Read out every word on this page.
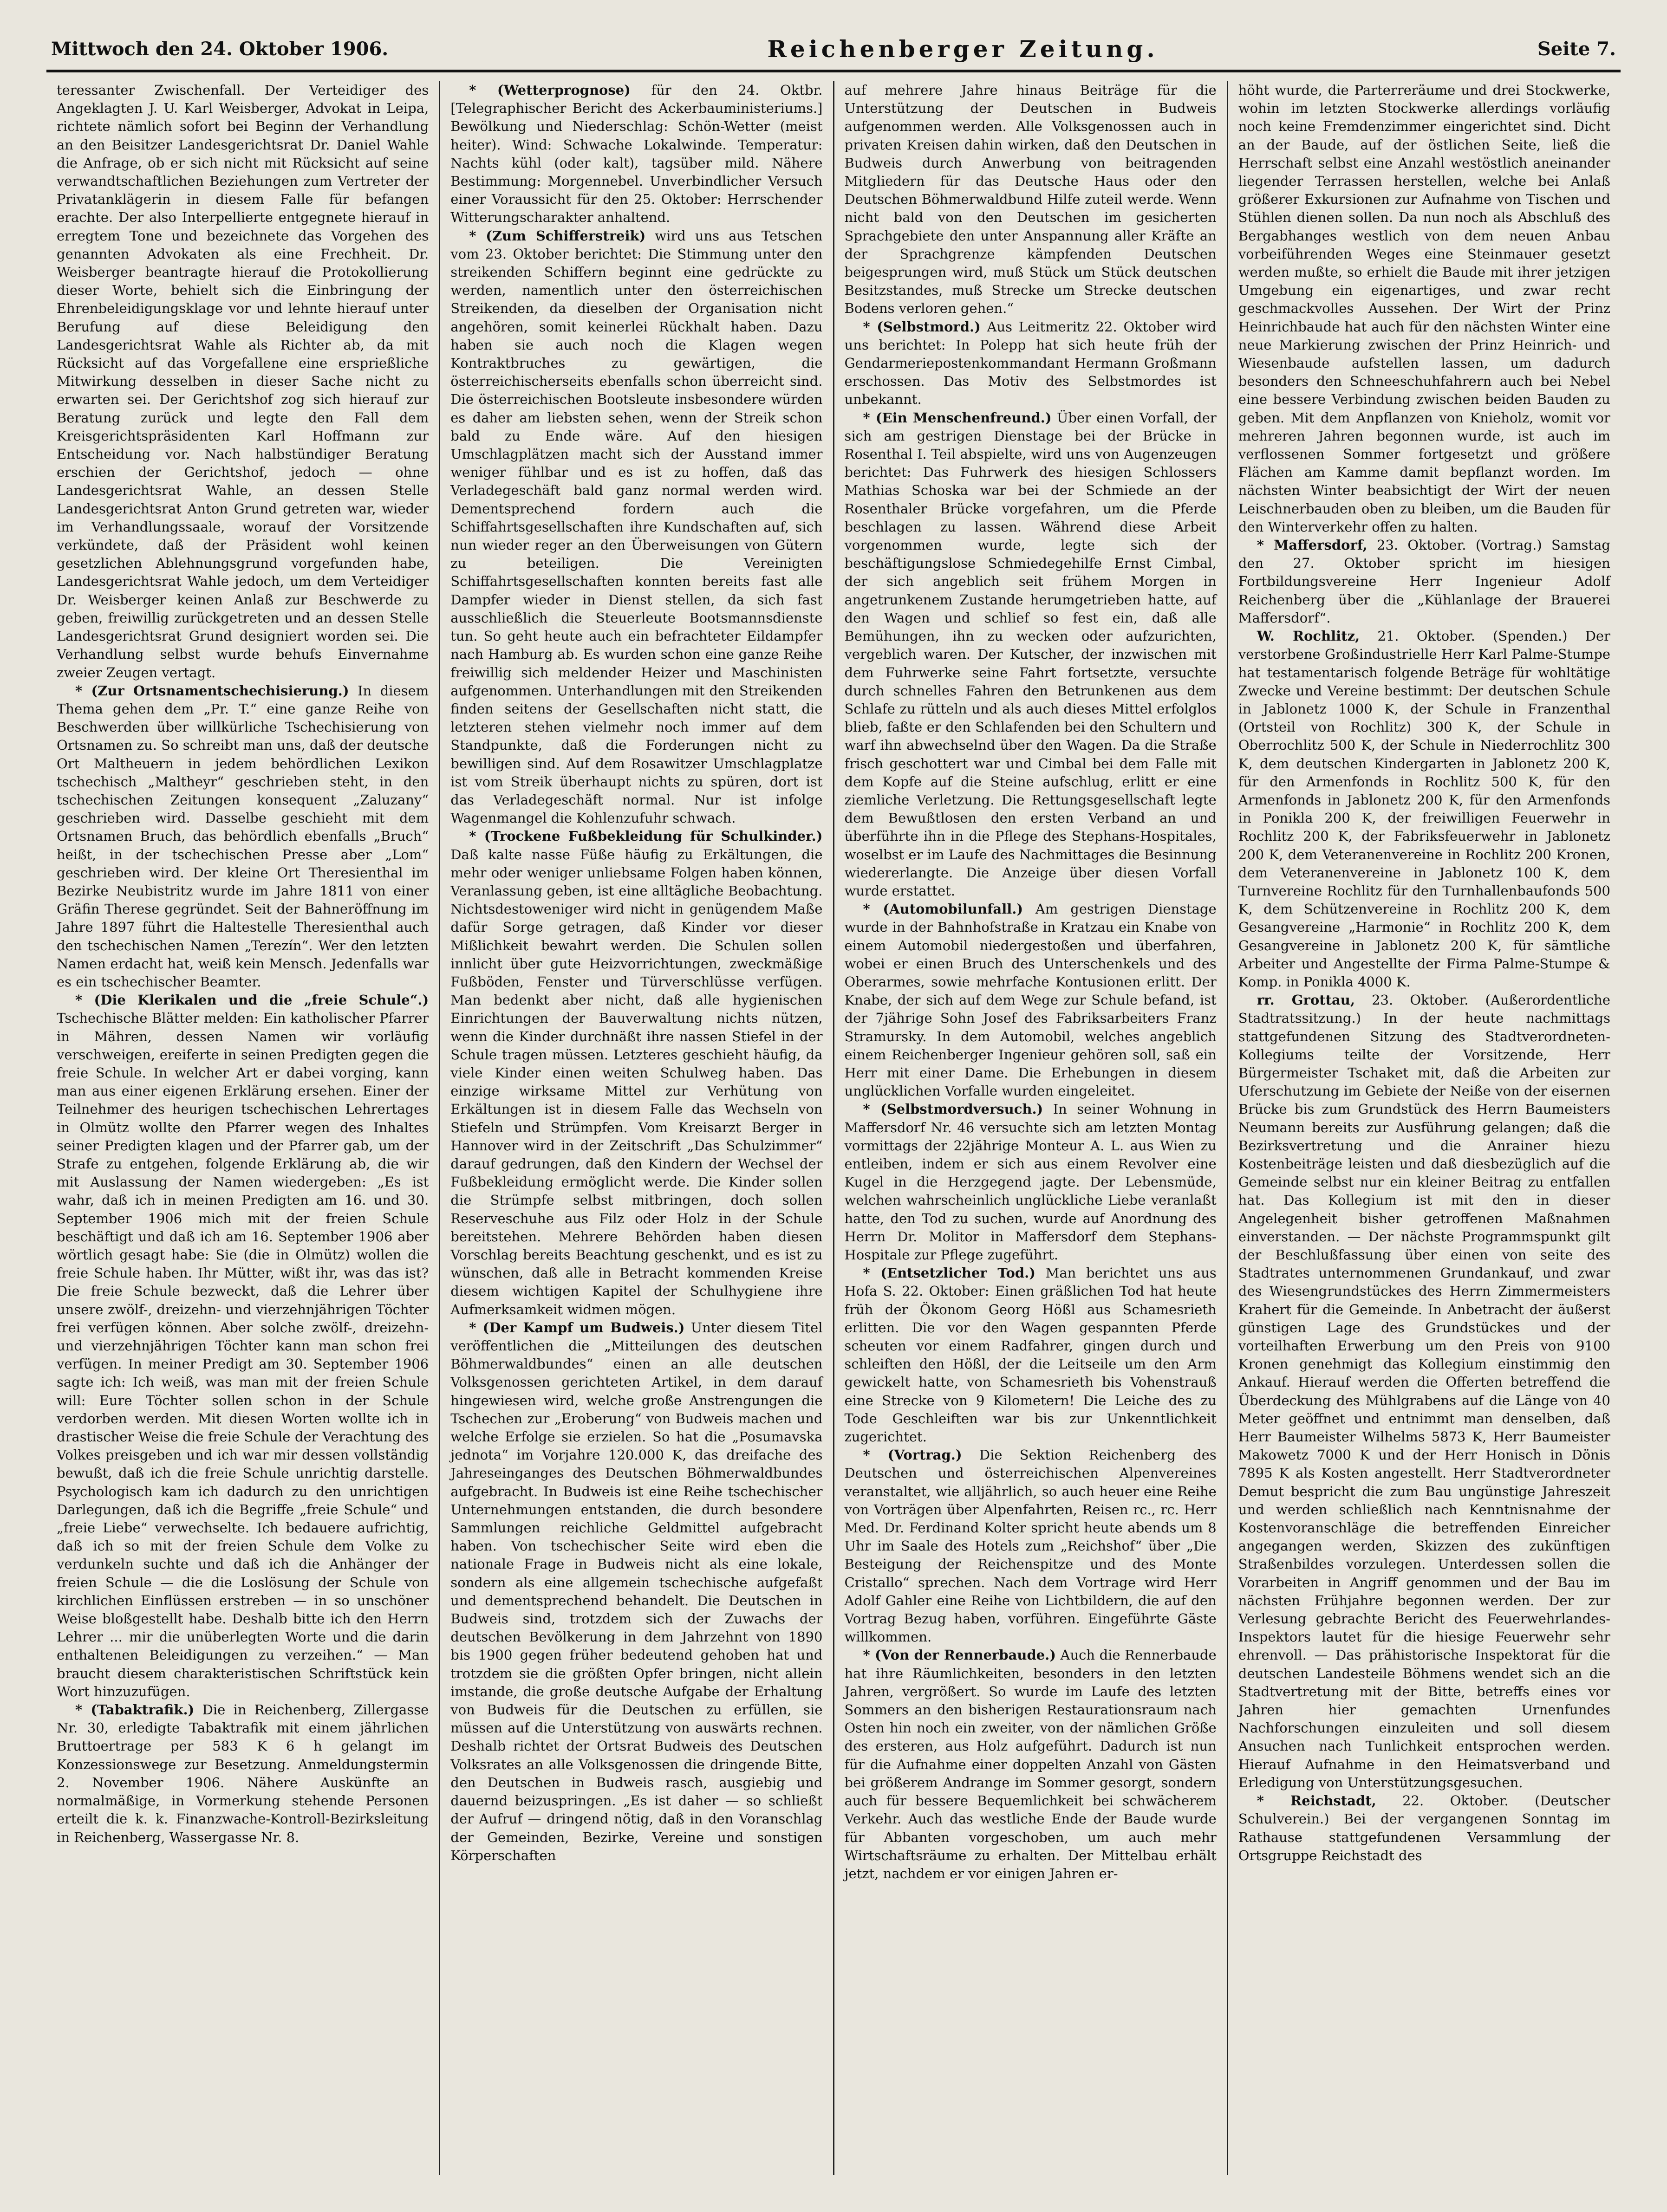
Mittwoch den 24. Oktober 1906.	Reichenberger Zeitung.	Seite 7.

teressanter Zwischenfall. Der Verteidiger des Angeklagten J. U. Karl Weisberger, Advokat in Leipa, richtete nämlich sofort bei Beginn der Verhandlung an den Beisitzer Landesgerichtsrat Dr. Daniel Wahle die Anfrage, ob er sich nicht mit Rücksicht auf seine verwandtschaftlichen Beziehungen zum Vertreter der Privatanklägerin in diesem Falle für befangen erachte. Der also Interpellierte entgegnete hierauf in erregtem Tone und bezeichnete das Vorgehen des genannten Advokaten als eine Frechheit. Dr. Weisberger beantragte hierauf die Protokollierung dieser Worte, behielt sich die Einbringung der Ehrenbeleidigungsklage vor und lehnte hierauf unter Berufung auf diese Beleidigung den Landesgerichtsrat Wahle als Richter ab, da mit Rücksicht auf das Vorgefallene eine ersprießliche Mitwirkung desselben in dieser Sache nicht zu erwarten sei. Der Gerichtshof zog sich hierauf zur Beratung zurück und legte den Fall dem Kreisgerichtspräsidenten Karl Hoffmann zur Entscheidung vor. Nach halbstündiger Beratung erschien der Gerichtshof, jedoch — ohne Landesgerichtsrat Wahle, an dessen Stelle Landesgerichtsrat Anton Grund getreten war, wieder im Verhandlungssaale, worauf der Vorsitzende verkündete, daß der Präsident wohl keinen gesetzlichen Ablehnungsgrund vorgefunden habe, Landesgerichtsrat Wahle jedoch, um dem Verteidiger Dr. Weisberger keinen Anlaß zur Beschwerde zu geben, freiwillig zurückgetreten und an dessen Stelle Landesgerichtsrat Grund designiert worden sei. Die Verhandlung selbst wurde behufs Einvernahme zweier Zeugen vertagt.

* (Zur Ortsnamentschechisierung.) In diesem Thema gehen dem „Pr. T.“ eine ganze Reihe von Beschwerden über willkürliche Tschechisierung von Ortsnamen zu. So schreibt man uns, daß der deutsche Ort Maltheuern in jedem behördlichen Lexikon tschechisch „Maltheyr“ geschrieben steht, in den tschechischen Zeitungen konsequent „Zaluzany“ geschrieben wird. Dasselbe geschieht mit dem Ortsnamen Bruch, das behördlich ebenfalls „Bruch“ heißt, in der tschechischen Presse aber „Lom“ geschrieben wird. Der kleine Ort Theresienthal im Bezirke Neubistritz wurde im Jahre 1811 von einer Gräfin Therese gegründet. Seit der Bahneröffnung im Jahre 1897 führt die Haltestelle Theresienthal auch den tschechischen Namen „Terezín“. Wer den letzten Namen erdacht hat, weiß kein Mensch. Jedenfalls war es ein tschechischer Beamter.

* (Die Klerikalen und die „freie Schule“.) Tschechische Blätter melden: Ein katholischer Pfarrer in Mähren, dessen Namen wir vorläufig verschweigen, ereiferte in seinen Predigten gegen die freie Schule. In welcher Art er dabei vorging, kann man aus einer eigenen Erklärung ersehen. Einer der Teilnehmer des heurigen tschechischen Lehrertages in Olmütz wollte den Pfarrer wegen des Inhaltes seiner Predigten klagen und der Pfarrer gab, um der Strafe zu entgehen, folgende Erklärung ab, die wir mit Auslassung der Namen wiedergeben: „Es ist wahr, daß ich in meinen Predigten am 16. und 30. September 1906 mich mit der freien Schule beschäftigt und daß ich am 16. September 1906 aber wörtlich gesagt habe: Sie (die in Olmütz) wollen die freie Schule haben. Ihr Mütter, wißt ihr, was das ist? Die freie Schule bezweckt, daß die Lehrer über unsere zwölf-, dreizehn- und vierzehnjährigen Töchter frei verfügen können. Aber solche zwölf-, dreizehn- und vierzehnjährigen Töchter kann man schon frei verfügen. In meiner Predigt am 30. September 1906 sagte ich: Ich weiß, was man mit der freien Schule will: Eure Töchter sollen schon in der Schule verdorben werden. Mit diesen Worten wollte ich in drastischer Weise die freie Schule der Verachtung des Volkes preisgeben und ich war mir dessen vollständig bewußt, daß ich die freie Schule unrichtig darstelle. Psychologisch kam ich dadurch zu den unrichtigen Darlegungen, daß ich die Begriffe „freie Schule“ und „freie Liebe“ verwechselte. Ich bedauere aufrichtig, daß ich so mit der freien Schule dem Volke zu verdunkeln suchte und daß ich die Anhänger der freien Schule — die die Loslösung der Schule von kirchlichen Einflüssen erstreben — in so unschöner Weise bloßgestellt habe. Deshalb bitte ich den Herrn Lehrer ... mir die unüberlegten Worte und die darin enthaltenen Beleidigungen zu verzeihen.“ — Man braucht diesem charakteristischen Schriftstück kein Wort hinzuzufügen.

* (Tabaktrafik.) Die in Reichenberg, Zillergasse Nr. 30, erledigte Tabaktrafik mit einem jährlichen Bruttoertrage per 583 K 6 h gelangt im Konzessionswege zur Besetzung. Anmeldungstermin 2. November 1906. Nähere Auskünfte an normalmäßige, in Vormerkung stehende Personen erteilt die k. k. Finanzwache-Kontroll-Bezirksleitung in Reichenberg, Wassergasse Nr. 8.

* (Wetterprognose) für den 24. Oktbr. [Telegraphischer Bericht des Ackerbauministeriums.] Bewölkung und Niederschlag: Schön-Wetter (meist heiter). Wind: Schwache Lokalwinde. Temperatur: Nachts kühl (oder kalt), tagsüber mild. Nähere Bestimmung: Morgennebel. Unverbindlicher Versuch einer Voraussicht für den 25. Oktober: Herrschender Witterungscharakter anhaltend.

* (Zum Schifferstreik) wird uns aus Tetschen vom 23. Oktober berichtet: Die Stimmung unter den streikenden Schiffern beginnt eine gedrückte zu werden, namentlich unter den österreichischen Streikenden, da dieselben der Organisation nicht angehören, somit keinerlei Rückhalt haben. Dazu haben sie auch noch die Klagen wegen Kontraktbruches zu gewärtigen, die österreichischerseits ebenfalls schon überreicht sind. Die österreichischen Bootsleute insbesondere würden es daher am liebsten sehen, wenn der Streik schon bald zu Ende wäre. Auf den hiesigen Umschlagplätzen macht sich der Ausstand immer weniger fühlbar und es ist zu hoffen, daß das Verladegeschäft bald ganz normal werden wird. Dementsprechend fordern auch die Schiffahrtsgesellschaften ihre Kundschaften auf, sich nun wieder reger an den Überweisungen von Gütern zu beteiligen. Die Vereinigten Schiffahrtsgesellschaften konnten bereits fast alle Dampfer wieder in Dienst stellen, da sich fast ausschließlich die Steuerleute Bootsmannsdienste tun. So geht heute auch ein befrachteter Eildampfer nach Hamburg ab. Es wurden schon eine ganze Reihe freiwillig sich meldender Heizer und Maschinisten aufgenommen. Unterhandlungen mit den Streikenden finden seitens der Gesellschaften nicht statt, die letzteren stehen vielmehr noch immer auf dem Standpunkte, daß die Forderungen nicht zu bewilligen sind. Auf dem Rosawitzer Umschlagplatze ist vom Streik überhaupt nichts zu spüren, dort ist das Verladegeschäft normal. Nur ist infolge Wagenmangel die Kohlenzufuhr schwach.

* (Trockene Fußbekleidung für Schulkinder.) Daß kalte nasse Füße häufig zu Erkältungen, die mehr oder weniger unliebsame Folgen haben können, Veranlassung geben, ist eine alltägliche Beobachtung. Nichtsdestoweniger wird nicht in genügendem Maße dafür Sorge getragen, daß Kinder vor dieser Mißlichkeit bewahrt werden. Die Schulen sollen innlicht über gute Heizvorrichtungen, zweckmäßige Fußböden, Fenster und Türverschlüsse verfügen. Man bedenkt aber nicht, daß alle hygienischen Einrichtungen der Bauverwaltung nichts nützen, wenn die Kinder durchnäßt ihre nassen Stiefel in der Schule tragen müssen. Letzteres geschieht häufig, da viele Kinder einen weiten Schulweg haben. Das einzige wirksame Mittel zur Verhütung von Erkältungen ist in diesem Falle das Wechseln von Stiefeln und Strümpfen. Vom Kreisarzt Berger in Hannover wird in der Zeitschrift „Das Schulzimmer“ darauf gedrungen, daß den Kindern der Wechsel der Fußbekleidung ermöglicht werde. Die Kinder sollen die Strümpfe selbst mitbringen, doch sollen Reserveschuhe aus Filz oder Holz in der Schule bereitstehen. Mehrere Behörden haben diesen Vorschlag bereits Beachtung geschenkt, und es ist zu wünschen, daß alle in Betracht kommenden Kreise diesem wichtigen Kapitel der Schulhygiene ihre Aufmerksamkeit widmen mögen.

* (Der Kampf um Budweis.) Unter diesem Titel veröffentlichen die „Mitteilungen des deutschen Böhmerwaldbundes“ einen an alle deutschen Volksgenossen gerichteten Artikel, in dem darauf hingewiesen wird, welche große Anstrengungen die Tschechen zur „Eroberung“ von Budweis machen und welche Erfolge sie erzielen. So hat die „Posumavska jednota“ im Vorjahre 120.000 K, das dreifache des Jahreseinganges des Deutschen Böhmerwaldbundes aufgebracht. In Budweis ist eine Reihe tschechischer Unternehmungen entstanden, die durch besondere Sammlungen reichliche Geldmittel aufgebracht haben. Von tschechischer Seite wird eben die nationale Frage in Budweis nicht als eine lokale, sondern als eine allgemein tschechische aufgefaßt und dementsprechend behandelt. Die Deutschen in Budweis sind, trotzdem sich der Zuwachs der deutschen Bevölkerung in dem Jahrzehnt von 1890 bis 1900 gegen früher bedeutend gehoben hat und trotzdem sie die größten Opfer bringen, nicht allein imstande, die große deutsche Aufgabe der Erhaltung von Budweis für die Deutschen zu erfüllen, sie müssen auf die Unterstützung von auswärts rechnen. Deshalb richtet der Ortsrat Budweis des Deutschen Volksrates an alle Volksgenossen die dringende Bitte, den Deutschen in Budweis rasch, ausgiebig und dauernd beizuspringen. „Es ist daher — so schließt der Aufruf — dringend nötig, daß in den Voranschlag der Gemeinden, Bezirke, Vereine und sonstigen Körperschaften

auf mehrere Jahre hinaus Beiträge für die Unterstützung der Deutschen in Budweis aufgenommen werden. Alle Volksgenossen auch in privaten Kreisen dahin wirken, daß den Deutschen in Budweis durch Anwerbung von beitragenden Mitgliedern für das Deutsche Haus oder den Deutschen Böhmerwaldbund Hilfe zuteil werde. Wenn nicht bald von den Deutschen im gesicherten Sprachgebiete den unter Anspannung aller Kräfte an der Sprachgrenze kämpfenden Deutschen beigesprungen wird, muß Stück um Stück deutschen Besitzstandes, muß Strecke um Strecke deutschen Bodens verloren gehen.“

* (Selbstmord.) Aus Leitmeritz 22. Oktober wird uns berichtet: In Polepp hat sich heute früh der Gendarmeriepostenkommandant Hermann Großmann erschossen. Das Motiv des Selbstmordes ist unbekannt.

* (Ein Menschenfreund.) Über einen Vorfall, der sich am gestrigen Dienstage bei der Brücke in Rosenthal I. Teil abspielte, wird uns von Augenzeugen berichtet: Das Fuhrwerk des hiesigen Schlossers Mathias Schoska war bei der Schmiede an der Rosenthaler Brücke vorgefahren, um die Pferde beschlagen zu lassen. Während diese Arbeit vorgenommen wurde, legte sich der beschäftigungslose Schmiedegehilfe Ernst Cimbal, der sich angeblich seit frühem Morgen in angetrunkenem Zustande herumgetrieben hatte, auf den Wagen und schlief so fest ein, daß alle Bemühungen, ihn zu wecken oder aufzurichten, vergeblich waren. Der Kutscher, der inzwischen mit dem Fuhrwerke seine Fahrt fortsetzte, versuchte durch schnelles Fahren den Betrunkenen aus dem Schlafe zu rütteln und als auch dieses Mittel erfolglos blieb, faßte er den Schlafenden bei den Schultern und warf ihn abwechselnd über den Wagen. Da die Straße frisch geschottert war und Cimbal bei dem Falle mit dem Kopfe auf die Steine aufschlug, erlitt er eine ziemliche Verletzung. Die Rettungsgesellschaft legte dem Bewußtlosen den ersten Verband an und überführte ihn in die Pflege des Stephans-Hospitales, woselbst er im Laufe des Nachmittages die Besinnung wiedererlangte. Die Anzeige über diesen Vorfall wurde erstattet.

* (Automobilunfall.) Am gestrigen Dienstage wurde in der Bahnhofstraße in Kratzau ein Knabe von einem Automobil niedergestoßen und überfahren, wobei er einen Bruch des Unterschenkels und des Oberarmes, sowie mehrfache Kontusionen erlitt. Der Knabe, der sich auf dem Wege zur Schule befand, ist der 7jährige Sohn Josef des Fabriksarbeiters Franz Stramursky. In dem Automobil, welches angeblich einem Reichenberger Ingenieur gehören soll, saß ein Herr mit einer Dame. Die Erhebungen in diesem unglücklichen Vorfalle wurden eingeleitet.

* (Selbstmordversuch.) In seiner Wohnung in Maffersdorf Nr. 46 versuchte sich am letzten Montag vormittags der 22jährige Monteur A. L. aus Wien zu entleiben, indem er sich aus einem Revolver eine Kugel in die Herzgegend jagte. Der Lebensmüde, welchen wahrscheinlich unglückliche Liebe veranlaßt hatte, den Tod zu suchen, wurde auf Anordnung des Herrn Dr. Molitor in Maffersdorf dem Stephans-Hospitale zur Pflege zugeführt.

* (Entsetzlicher Tod.) Man berichtet uns aus Hofa S. 22. Oktober: Einen gräßlichen Tod hat heute früh der Ökonom Georg Hößl aus Schamesrieth erlitten. Die vor den Wagen gespannten Pferde scheuten vor einem Radfahrer, gingen durch und schleiften den Hößl, der die Leitseile um den Arm gewickelt hatte, von Schamesrieth bis Vohenstrauß eine Strecke von 9 Kilometern! Die Leiche des zu Tode Geschleiften war bis zur Unkenntlichkeit zugerichtet.

* (Vortrag.) Die Sektion Reichenberg des Deutschen und österreichischen Alpenvereines veranstaltet, wie alljährlich, so auch heuer eine Reihe von Vorträgen über Alpenfahrten, Reisen rc., rc. Herr Med. Dr. Ferdinand Kolter spricht heute abends um 8 Uhr im Saale des Hotels zum „Reichshof“ über „Die Besteigung der Reichenspitze und des Monte Cristallo“ sprechen. Nach dem Vortrage wird Herr Adolf Gahler eine Reihe von Lichtbildern, die auf den Vortrag Bezug haben, vorführen. Eingeführte Gäste willkommen.

* (Von der Rennerbaude.) Auch die Rennerbaude hat ihre Räumlichkeiten, besonders in den letzten Jahren, vergrößert. So wurde im Laufe des letzten Sommers an den bisherigen Restaurationsraum nach Osten hin noch ein zweiter, von der nämlichen Größe des ersteren, aus Holz aufgeführt. Dadurch ist nun für die Aufnahme einer doppelten Anzahl von Gästen bei größerem Andrange im Sommer gesorgt, sondern auch für bessere Bequemlichkeit bei schwächerem Verkehr. Auch das westliche Ende der Baude wurde für Abbanten vorgeschoben, um auch mehr Wirtschaftsräume zu erhalten. Der Mittelbau erhält jetzt, nachdem er vor einigen Jahren er-

höht wurde, die Parterreräume und drei Stockwerke, wohin im letzten Stockwerke allerdings vorläufig noch keine Fremdenzimmer eingerichtet sind. Dicht an der Baude, auf der östlichen Seite, ließ die Herrschaft selbst eine Anzahl westöstlich aneinander liegender Terrassen herstellen, welche bei Anlaß größerer Exkursionen zur Aufnahme von Tischen und Stühlen dienen sollen. Da nun noch als Abschluß des Bergabhanges westlich von dem neuen Anbau vorbeiführenden Weges eine Steinmauer gesetzt werden mußte, so erhielt die Baude mit ihrer jetzigen Umgebung ein eigenartiges, und zwar recht geschmackvolles Aussehen. Der Wirt der Prinz Heinrichbaude hat auch für den nächsten Winter eine neue Markierung zwischen der Prinz Heinrich- und Wiesenbaude aufstellen lassen, um dadurch besonders den Schneeschuhfahrern auch bei Nebel eine bessere Verbindung zwischen beiden Bauden zu geben. Mit dem Anpflanzen von Knieholz, womit vor mehreren Jahren begonnen wurde, ist auch im verflossenen Sommer fortgesetzt und größere Flächen am Kamme damit bepflanzt worden. Im nächsten Winter beabsichtigt der Wirt der neuen Leischnerbauden oben zu bleiben, um die Bauden für den Winterverkehr offen zu halten.

* Maffersdorf, 23. Oktober. (Vortrag.) Samstag den 27. Oktober spricht im hiesigen Fortbildungsvereine Herr Ingenieur Adolf Reichenberg über die „Kühlanlage der Brauerei Maffersdorf“.

W. Rochlitz, 21. Oktober. (Spenden.) Der verstorbene Großindustrielle Herr Karl Palme-Stumpe hat testamentarisch folgende Beträge für wohltätige Zwecke und Vereine bestimmt: Der deutschen Schule in Jablonetz 1000 K, der Schule in Franzenthal (Ortsteil von Rochlitz) 300 K, der Schule in Oberrochlitz 500 K, der Schule in Niederrochlitz 300 K, dem deutschen Kindergarten in Jablonetz 200 K, für den Armenfonds in Rochlitz 500 K, für den Armenfonds in Jablonetz 200 K, für den Armenfonds in Ponikla 200 K, der freiwilligen Feuerwehr in Rochlitz 200 K, der Fabriksfeuerwehr in Jablonetz 200 K, dem Veteranenvereine in Rochlitz 200 Kronen, dem Veteranenvereine in Jablonetz 100 K, dem Turnvereine Rochlitz für den Turnhallenbaufonds 500 K, dem Schützenvereine in Rochlitz 200 K, dem Gesangvereine „Harmonie“ in Rochlitz 200 K, dem Gesangvereine in Jablonetz 200 K, für sämtliche Arbeiter und Angestellte der Firma Palme-Stumpe & Komp. in Ponikla 4000 K.

rr. Grottau, 23. Oktober. (Außerordentliche Stadtratssitzung.) In der heute nachmittags stattgefundenen Sitzung des Stadtverordneten-Kollegiums teilte der Vorsitzende, Herr Bürgermeister Tschaket mit, daß die Arbeiten zur Uferschutzung im Gebiete der Neiße von der eisernen Brücke bis zum Grundstück des Herrn Baumeisters Neumann bereits zur Ausführung gelangen; daß die Bezirksvertretung und die Anrainer hiezu Kostenbeiträge leisten und daß diesbezüglich auf die Gemeinde selbst nur ein kleiner Beitrag zu entfallen hat. Das Kollegium ist mit den in dieser Angelegenheit bisher getroffenen Maßnahmen einverstanden. — Der nächste Programmspunkt gilt der Beschlußfassung über einen von seite des Stadtrates unternommenen Grundankauf, und zwar des Wiesengrundstückes des Herrn Zimmermeisters Krahert für die Gemeinde. In Anbetracht der äußerst günstigen Lage des Grundstückes und der vorteilhaften Erwerbung um den Preis von 9100 Kronen genehmigt das Kollegium einstimmig den Ankauf. Hierauf werden die Offerten betreffend die Überdeckung des Mühlgrabens auf die Länge von 40 Meter geöffnet und entnimmt man denselben, daß Herr Baumeister Wilhelms 5873 K, Herr Baumeister Makowetz 7000 K und der Herr Honisch in Dönis 7895 K als Kosten angestellt. Herr Stadtverordneter Demut bespricht die zum Bau ungünstige Jahreszeit und werden schließlich nach Kenntnisnahme der Kostenvoranschläge die betreffenden Einreicher angegangen werden, Skizzen des zukünftigen Straßenbildes vorzulegen. Unterdessen sollen die Vorarbeiten in Angriff genommen und der Bau im nächsten Frühjahre begonnen werden. Der zur Verlesung gebrachte Bericht des Feuerwehrlandes-Inspektors lautet für die hiesige Feuerwehr sehr ehrenvoll. — Das prähistorische Inspektorat für die deutschen Landesteile Böhmens wendet sich an die Stadtvertretung mit der Bitte, betreffs eines vor Jahren hier gemachten Urnenfundes Nachforschungen einzuleiten und soll diesem Ansuchen nach Tunlichkeit entsprochen werden. Hierauf Aufnahme in den Heimatsverband und Erledigung von Unterstützungsgesuchen.

* Reichstadt, 22. Oktober. (Deutscher Schulverein.) Bei der vergangenen Sonntag im Rathause stattgefundenen Versammlung der Ortsgruppe Reichstadt des
